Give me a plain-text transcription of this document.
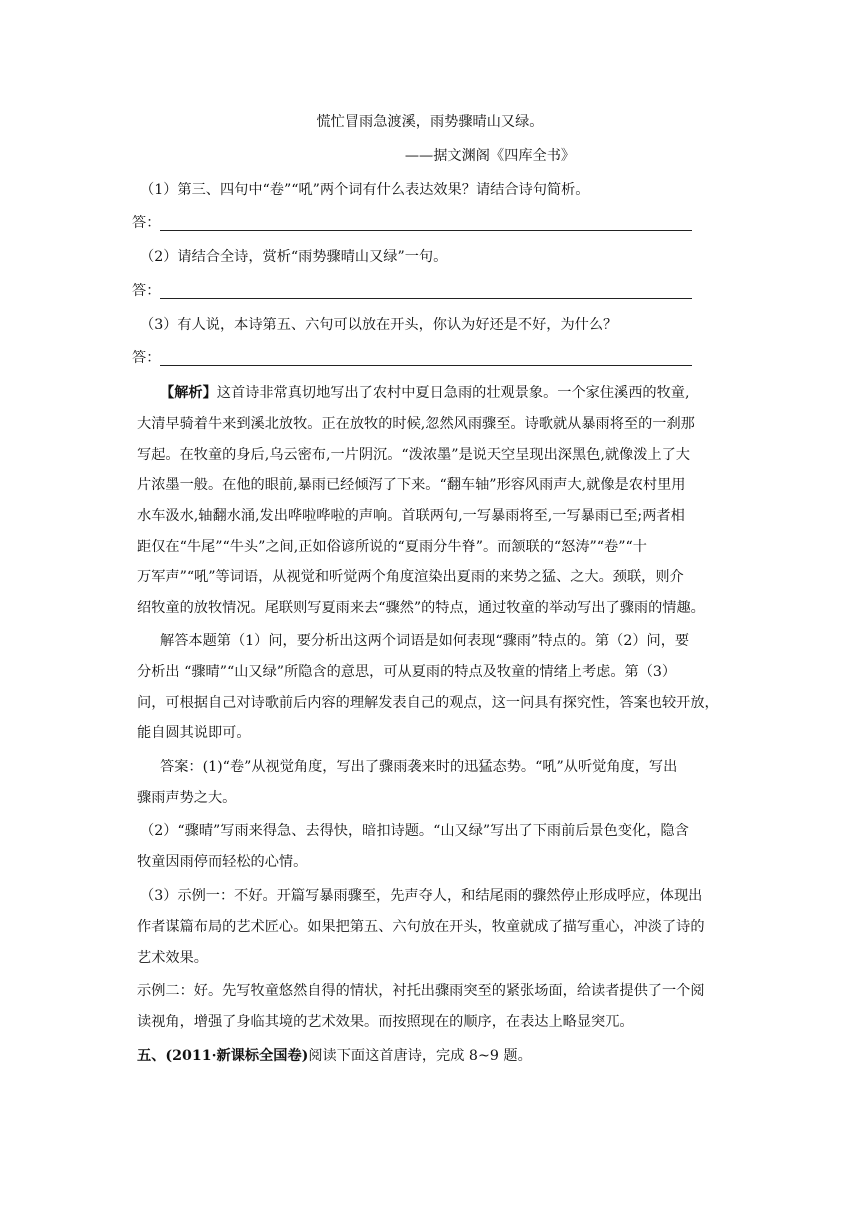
慌忙冒雨急渡溪，雨势骤晴山又绿。
——据文渊阁《四库全书》
（1）第三、四句中“卷”“吼”两个词有什么表达效果？请结合诗句简析。
答：
（2）请结合全诗，赏析“雨势骤晴山又绿”一句。
答：
（3）有人说，本诗第五、六句可以放在开头，你认为好还是不好，为什么？
答：
【解析】这首诗非常真切地写出了农村中夏日急雨的壮观景象。一个家住溪西的牧童,
大清早骑着牛来到溪北放牧。正在放牧的时候,忽然风雨骤至。诗歌就从暴雨将至的一刹那
写起。在牧童的身后,乌云密布,一片阴沉。“泼浓墨”是说天空呈现出深黑色,就像泼上了大
片浓墨一般。在他的眼前,暴雨已经倾泻了下来。“翻车轴”形容风雨声大,就像是农村里用
水车汲水,轴翻水涌,发出哗啦哗啦的声响。首联两句,一写暴雨将至,一写暴雨已至;两者相
距仅在“牛尾”“牛头”之间,正如俗谚所说的“夏雨分牛脊”。而颔联的“怒涛”“卷”“十
万军声”“吼”等词语，从视觉和听觉两个角度渲染出夏雨的来势之猛、之大。颈联，则介
绍牧童的放牧情况。尾联则写夏雨来去“骤然”的特点，通过牧童的举动写出了骤雨的情趣。
解答本题第（1）问，要分析出这两个词语是如何表现“骤雨”特点的。第（2）问，要
分析出 “骤晴”“山又绿”所隐含的意思，可从夏雨的特点及牧童的情绪上考虑。第（3）
问，可根据自己对诗歌前后内容的理解发表自己的观点，这一问具有探究性，答案也较开放，
能自圆其说即可。
答案：(1)“卷”从视觉角度，写出了骤雨袭来时的迅猛态势。“吼”从听觉角度，写出
骤雨声势之大。
（2）“骤晴”写雨来得急、去得快，暗扣诗题。“山又绿”写出了下雨前后景色变化，隐含
牧童因雨停而轻松的心情。
（3）示例一：不好。开篇写暴雨骤至，先声夺人，和结尾雨的骤然停止形成呼应，体现出
作者谋篇布局的艺术匠心。如果把第五、六句放在开头，牧童就成了描写重心，冲淡了诗的
艺术效果。
示例二：好。先写牧童悠然自得的情状，衬托出骤雨突至的紧张场面，给读者提供了一个阅
读视角，增强了身临其境的艺术效果。而按照现在的顺序，在表达上略显突兀。
五、(2011·新课标全国卷)阅读下面这首唐诗，完成 8~9 题。
